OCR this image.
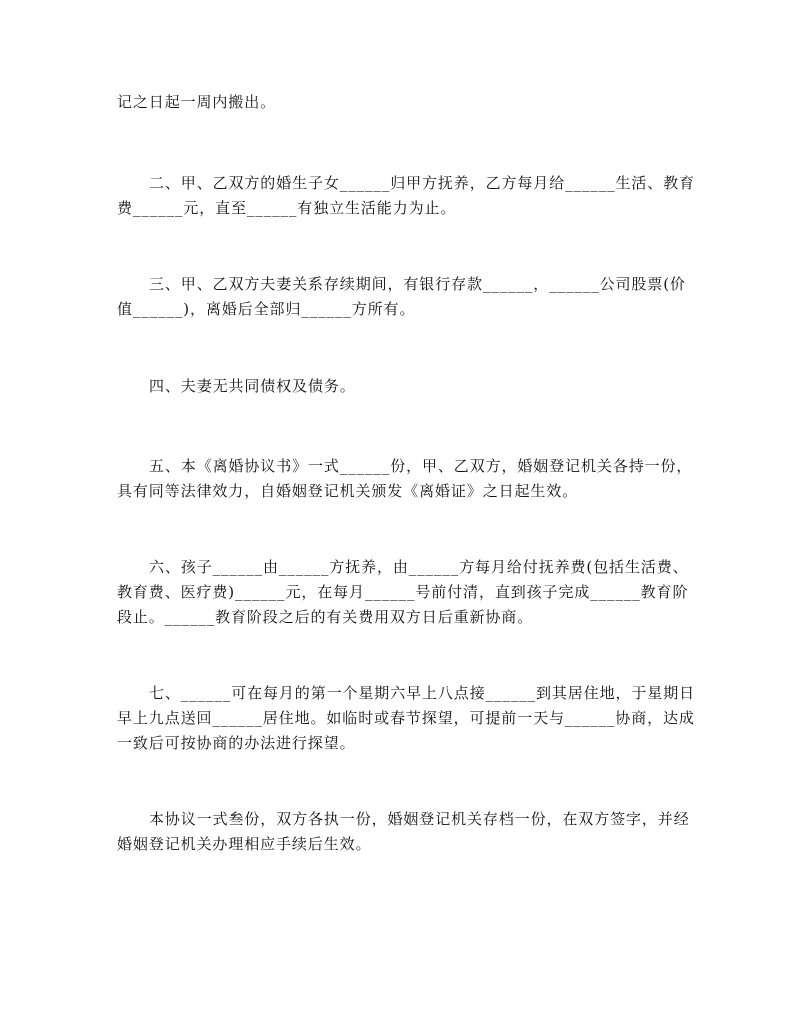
记之日起一周内搬出。

二、甲、乙双方的婚生子女______归甲方抚养，乙方每月给______生活、教育

费______元，直至______有独立生活能力为止。

三、甲、乙双方夫妻关系存续期间，有银行存款______，______公司股票(价

值______)，离婚后全部归______方所有。

四、夫妻无共同债权及债务。

五、本《离婚协议书》一式______份，甲、乙双方，婚姻登记机关各持一份，

具有同等法律效力，自婚姻登记机关颁发《离婚证》之日起生效。

六、孩子______由______方抚养，由______方每月给付抚养费(包括生活费、

教育费、医疗费)______元，在每月______号前付清，直到孩子完成______教育阶

段止。______教育阶段之后的有关费用双方日后重新协商。

七、______可在每月的第一个星期六早上八点接______到其居住地，于星期日

早上九点送回______居住地。如临时或春节探望，可提前一天与______协商，达成

一致后可按协商的办法进行探望。

本协议一式叁份，双方各执一份，婚姻登记机关存档一份，在双方签字，并经

婚姻登记机关办理相应手续后生效。
